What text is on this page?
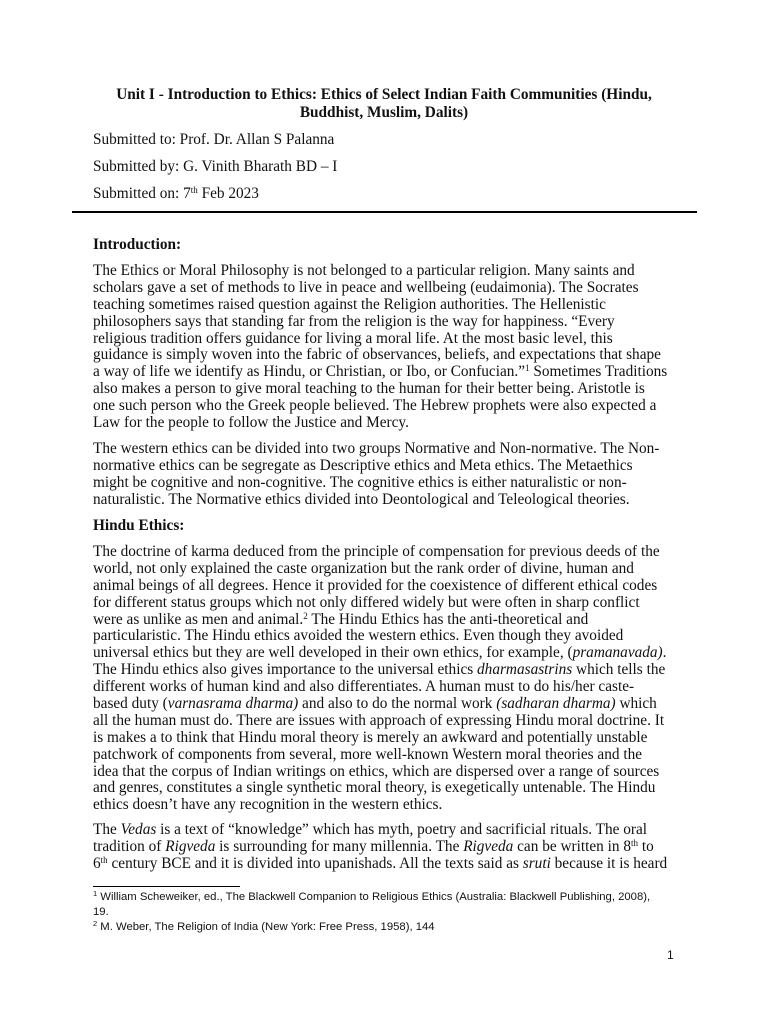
Unit I - Introduction to Ethics: Ethics of Select Indian Faith Communities (Hindu,
Buddhist, Muslim, Dalits)
Submitted to: Prof. Dr. Allan S Palanna
Submitted by: G. Vinith Bharath BD – I
Submitted on: 7th Feb 2023
Introduction:
The Ethics or Moral Philosophy is not belonged to a particular religion. Many saints and
scholars gave a set of methods to live in peace and wellbeing (eudaimonia). The Socrates
teaching sometimes raised question against the Religion authorities. The Hellenistic
philosophers says that standing far from the religion is the way for happiness. “Every
religious tradition offers guidance for living a moral life. At the most basic level, this
guidance is simply woven into the fabric of observances, beliefs, and expectations that shape
a way of life we identify as Hindu, or Christian, or Ibo, or Confucian.”$^1$ Sometimes Traditions
also makes a person to give moral teaching to the human for their better being. Aristotle is
one such person who the Greek people believed. The Hebrew prophets were also expected a
Law for the people to follow the Justice and Mercy.
The western ethics can be divided into two groups Normative and Non-normative. The Non-
normative ethics can be segregate as Descriptive ethics and Meta ethics. The Metaethics
might be cognitive and non-cognitive. The cognitive ethics is either naturalistic or non-
naturalistic. The Normative ethics divided into Deontological and Teleological theories.
Hindu Ethics:
The doctrine of karma deduced from the principle of compensation for previous deeds of the
world, not only explained the caste organization but the rank order of divine, human and
animal beings of all degrees. Hence it provided for the coexistence of different ethical codes
for different status groups which not only differed widely but were often in sharp conflict
were as unlike as men and animal.$^2$ The Hindu Ethics has the anti-theoretical and
particularistic. The Hindu ethics avoided the western ethics. Even though they avoided
universal ethics but they are well developed in their own ethics, for example, (pramanavada).
The Hindu ethics also gives importance to the universal ethics dharmasastrins which tells the
different works of human kind and also differentiates. A human must to do his/her caste-
based duty (varnasrama dharma) and also to do the normal work (sadharan dharma) which
all the human must do. There are issues with approach of expressing Hindu moral doctrine. It
is makes a to think that Hindu moral theory is merely an awkward and potentially unstable
patchwork of components from several, more well-known Western moral theories and the
idea that the corpus of Indian writings on ethics, which are dispersed over a range of sources
and genres, constitutes a single synthetic moral theory, is exegetically untenable. The Hindu
ethics doesn’t have any recognition in the western ethics.
The Vedas is a text of “knowledge” which has myth, poetry and sacrificial rituals. The oral
tradition of Rigveda is surrounding for many millennia. The Rigveda can be written in 8th to
6th century BCE and it is divided into upanishads. All the texts said as sruti because it is heard
$^1$ William Scheweiker, ed., The Blackwell Companion to Religious Ethics (Australia: Blackwell Publishing, 2008),
19.
$^2$ M. Weber, The Religion of India (New York: Free Press, 1958), 144
1
